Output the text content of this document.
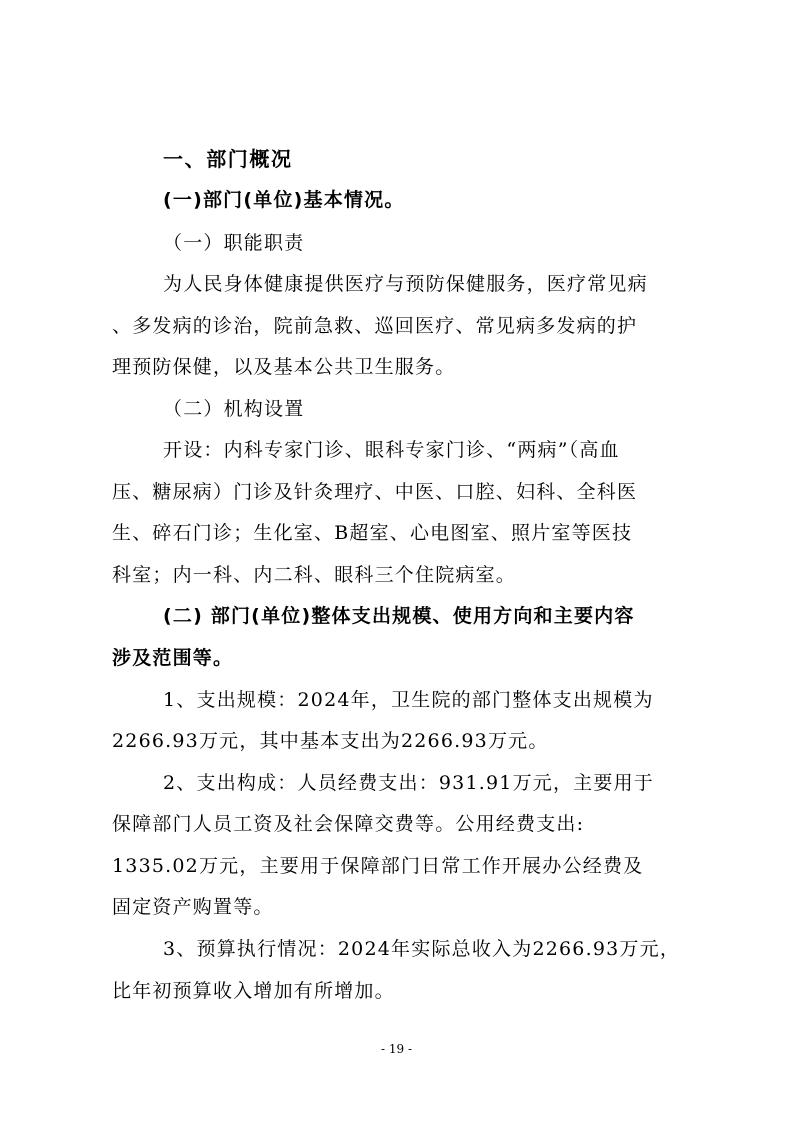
一、部门概况
(一)部门(单位)基本情况。
（一）职能职责
为人民身体健康提供医疗与预防保健服务，医疗常见病
、多发病的诊治，院前急救、巡回医疗、常见病多发病的护
理预防保健，以及基本公共卫生服务。
（二）机构设置
开设：内科专家门诊、眼科专家门诊、“两病”（高血
压、糖尿病）门诊及针灸理疗、中医、口腔、妇科、全科医
生、碎石门诊；生化室、B超室、心电图室、照片室等医技
科室；内一科、内二科、眼科三个住院病室。
(二) 部门(单位)整体支出规模、使用方向和主要内容
涉及范围等。
1、支出规模：2024年，卫生院的部门整体支出规模为
2266.93万元，其中基本支出为2266.93万元。
2、支出构成：人员经费支出：931.91万元，主要用于
保障部门人员工资及社会保障交费等。公用经费支出:
1335.02万元，主要用于保障部门日常工作开展办公经费及
固定资产购置等。
3、预算执行情况：2024年实际总收入为2266.93万元，
比年初预算收入增加有所增加。
- 19 -
